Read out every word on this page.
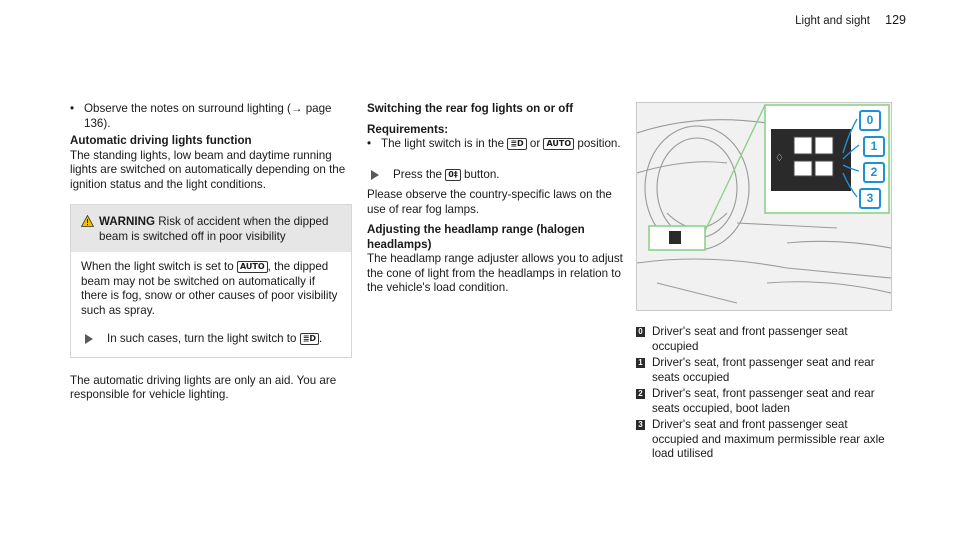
Light and sight 129

• Observe the notes on surround lighting (→ page 136).

Automatic driving lights function

The standing lights, low beam and daytime running lights are switched on automatically depending on the ignition status and the light conditions.

WARNING Risk of accident when the dipped beam is switched off in poor visibility

When the light switch is set to AUTO , the dipped beam may not be switched on automatically if there is fog, snow or other causes of poor visibility such as spray.

In such cases, turn the light switch to ≣D .

The automatic driving lights are only an aid. You are responsible for vehicle lighting.

Switching the rear fog lights on or off

Requirements:

• The light switch is in the ≣D or AUTO position.

Press the 0‡ button.

Please observe the country-specific laws on the use of rear fog lamps.

Adjusting the headlamp range (halogen headlamps)

The headlamp range adjuster allows you to adjust the cone of light from the headlamps in relation to the vehicle's load condition.

♢
0
1
2
3
0 Driver's seat and front passenger seat occupied
1 Driver's seat, front passenger seat and rear seats occupied
2 Driver's seat, front passenger seat and rear seats occupied, boot laden
3 Driver's seat and front passenger seat occupied and maximum permissible rear axle load utilised
